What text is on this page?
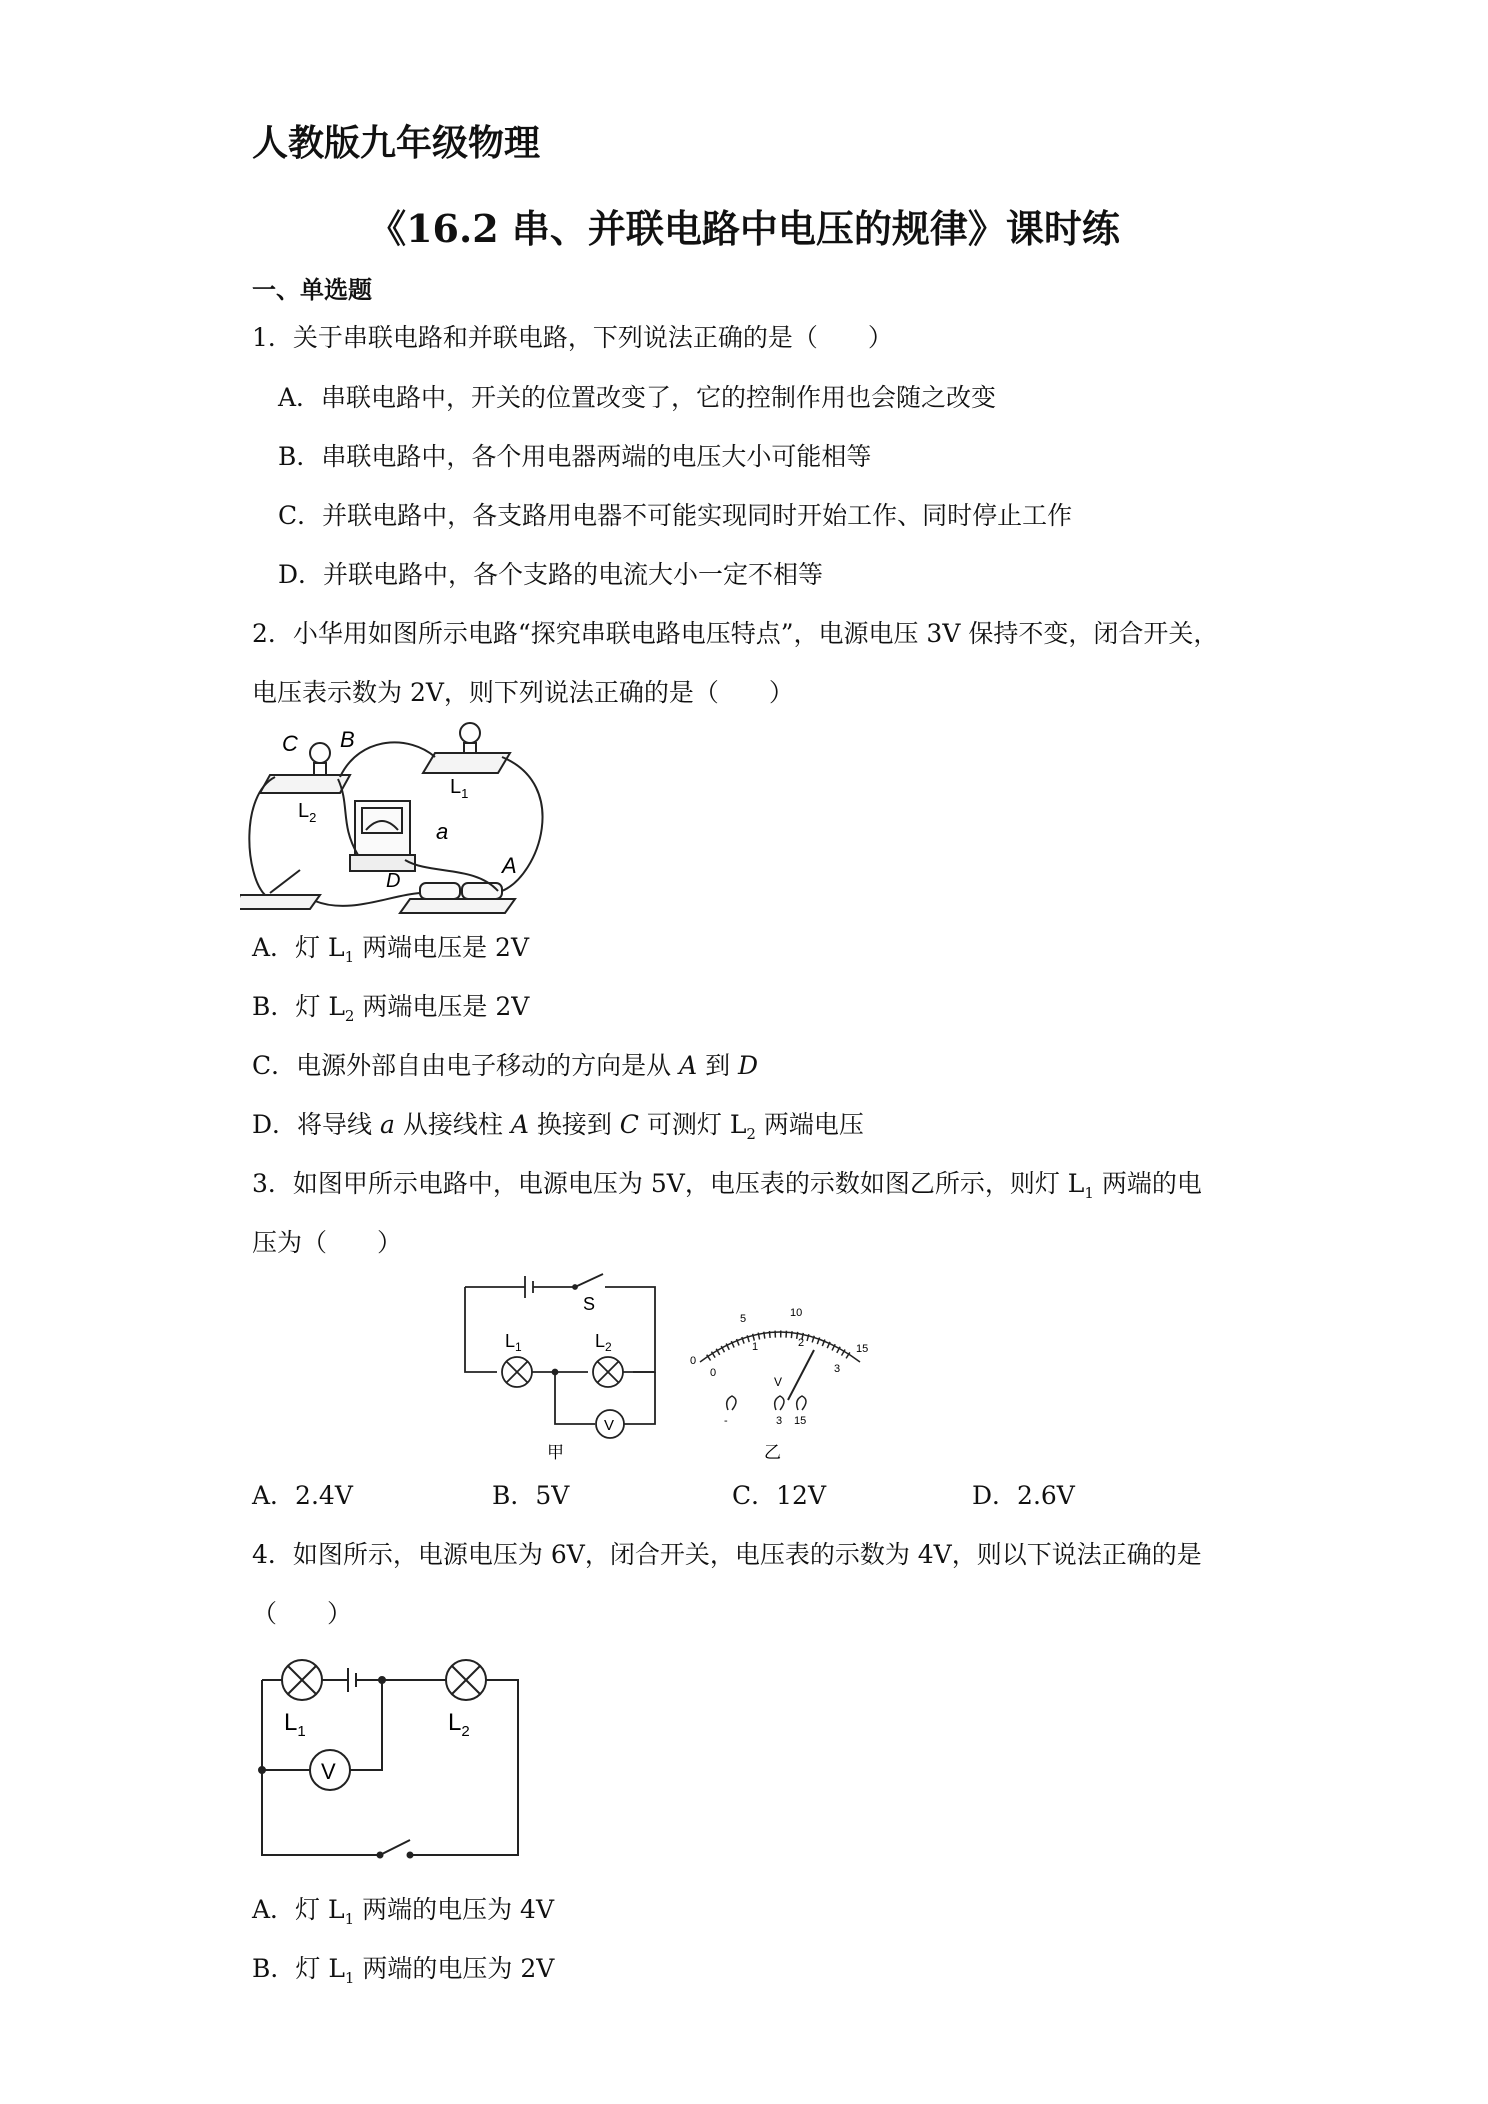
人教版九年级物理
《16.2 串、并联电路中电压的规律》课时练
一、单选题
1．关于串联电路和并联电路，下列说法正确的是（　　）
A．串联电路中，开关的位置改变了，它的控制作用也会随之改变
B．串联电路中，各个用电器两端的电压大小可能相等
C．并联电路中，各支路用电器不可能实现同时开始工作、同时停止工作
D．并联电路中，各个支路的电流大小一定不相等
2．小华用如图所示电路“探究串联电路电压特点”，电源电压 3V 保持不变，闭合开关，
电压表示数为 2V，则下列说法正确的是（　　）
C B
$L_2$
$L_1$
a
A
D
A．灯 $L_1$ 两端电压是 2V
B．灯 $L_2$ 两端电压是 2V
C．电源外部自由电子移动的方向是从 A 到 D
D．将导线 a 从接线柱 A 换接到 C 可测灯 $L_2$ 两端电压
3．如图甲所示电路中，电源电压为 5V，电压表的示数如图乙所示，则灯 $L_1$ 两端的电
压为（　　）
S
$L_1$	$L_2$
V
甲
0
5	10
15
0
1	2
3
V
-	3 15
乙
A．2.4V	B．5V	C．12V	D．2.6V
4．如图所示，电源电压为 6V，闭合开关，电压表的示数为 4V，则以下说法正确的是
（　　）
$L_1$	$L_2$
V
A．灯 $L_1$ 两端的电压为 4V
B．灯 $L_1$ 两端的电压为 2V
